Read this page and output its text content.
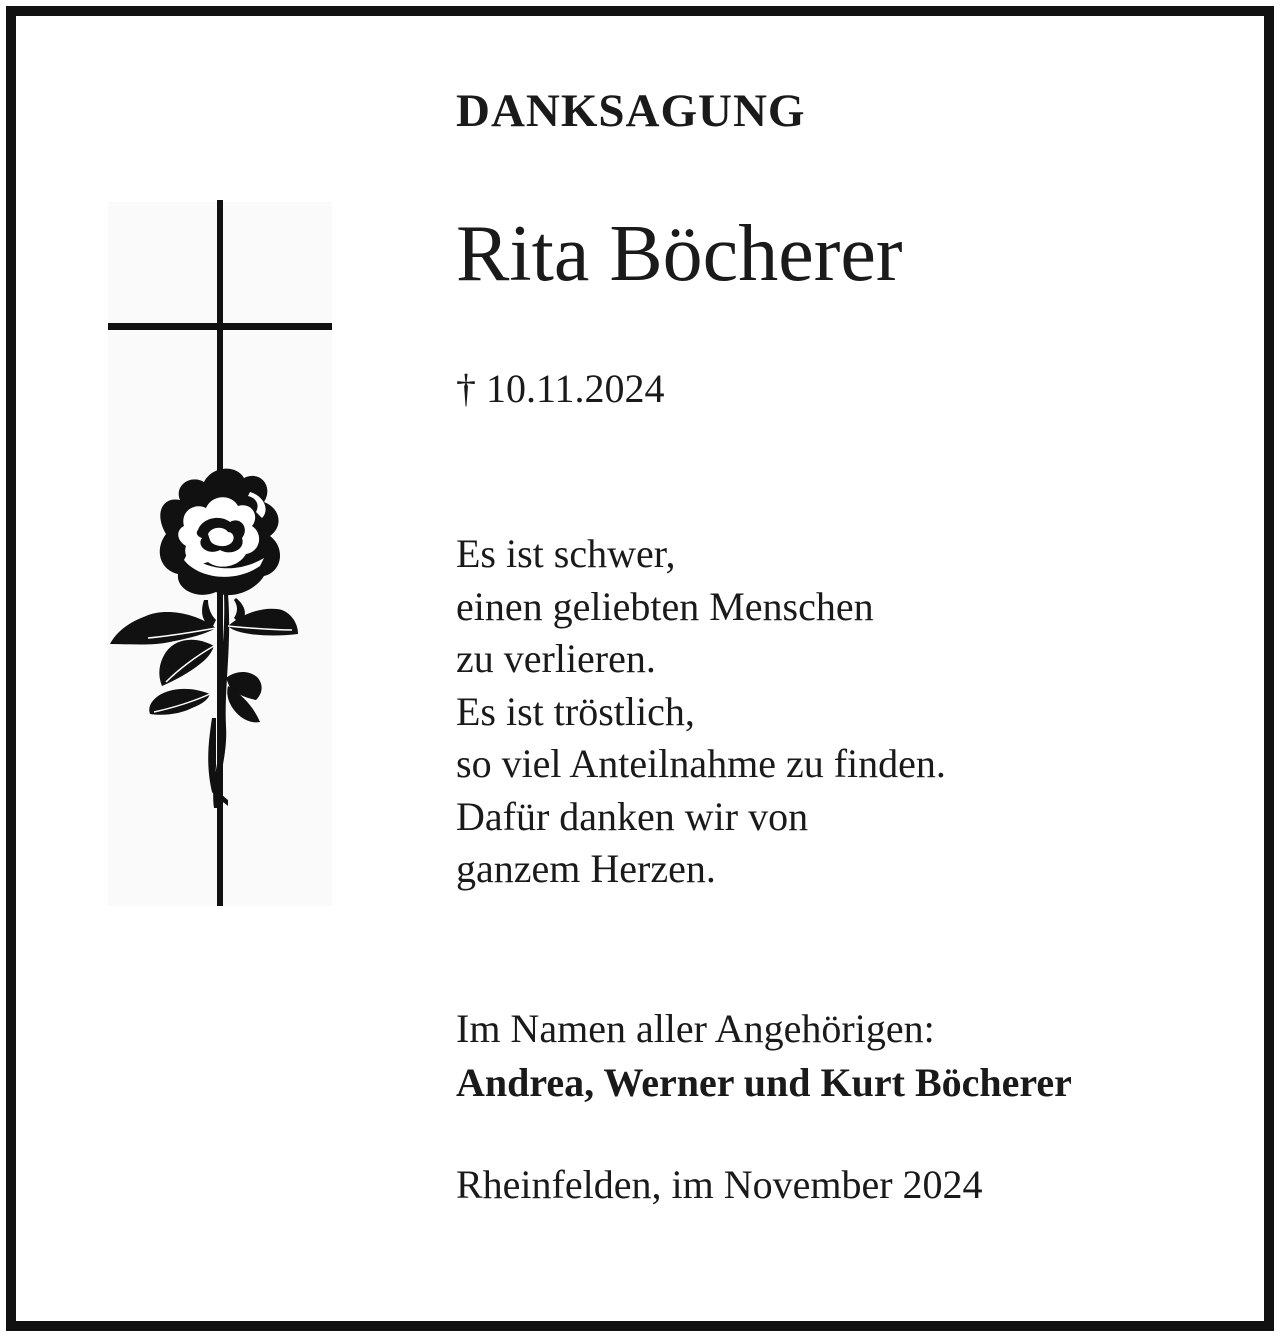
DANKSAGUNG
Rita Böcherer
† 10.11.2024
Es ist schwer,
einen geliebten Menschen
zu verlieren.
Es ist tröstlich,
so viel Anteilnahme zu finden.
Dafür danken wir von
ganzem Herzen.
Im Namen aller Angehörigen:
Andrea, Werner und Kurt Böcherer
Rheinfelden, im November 2024
